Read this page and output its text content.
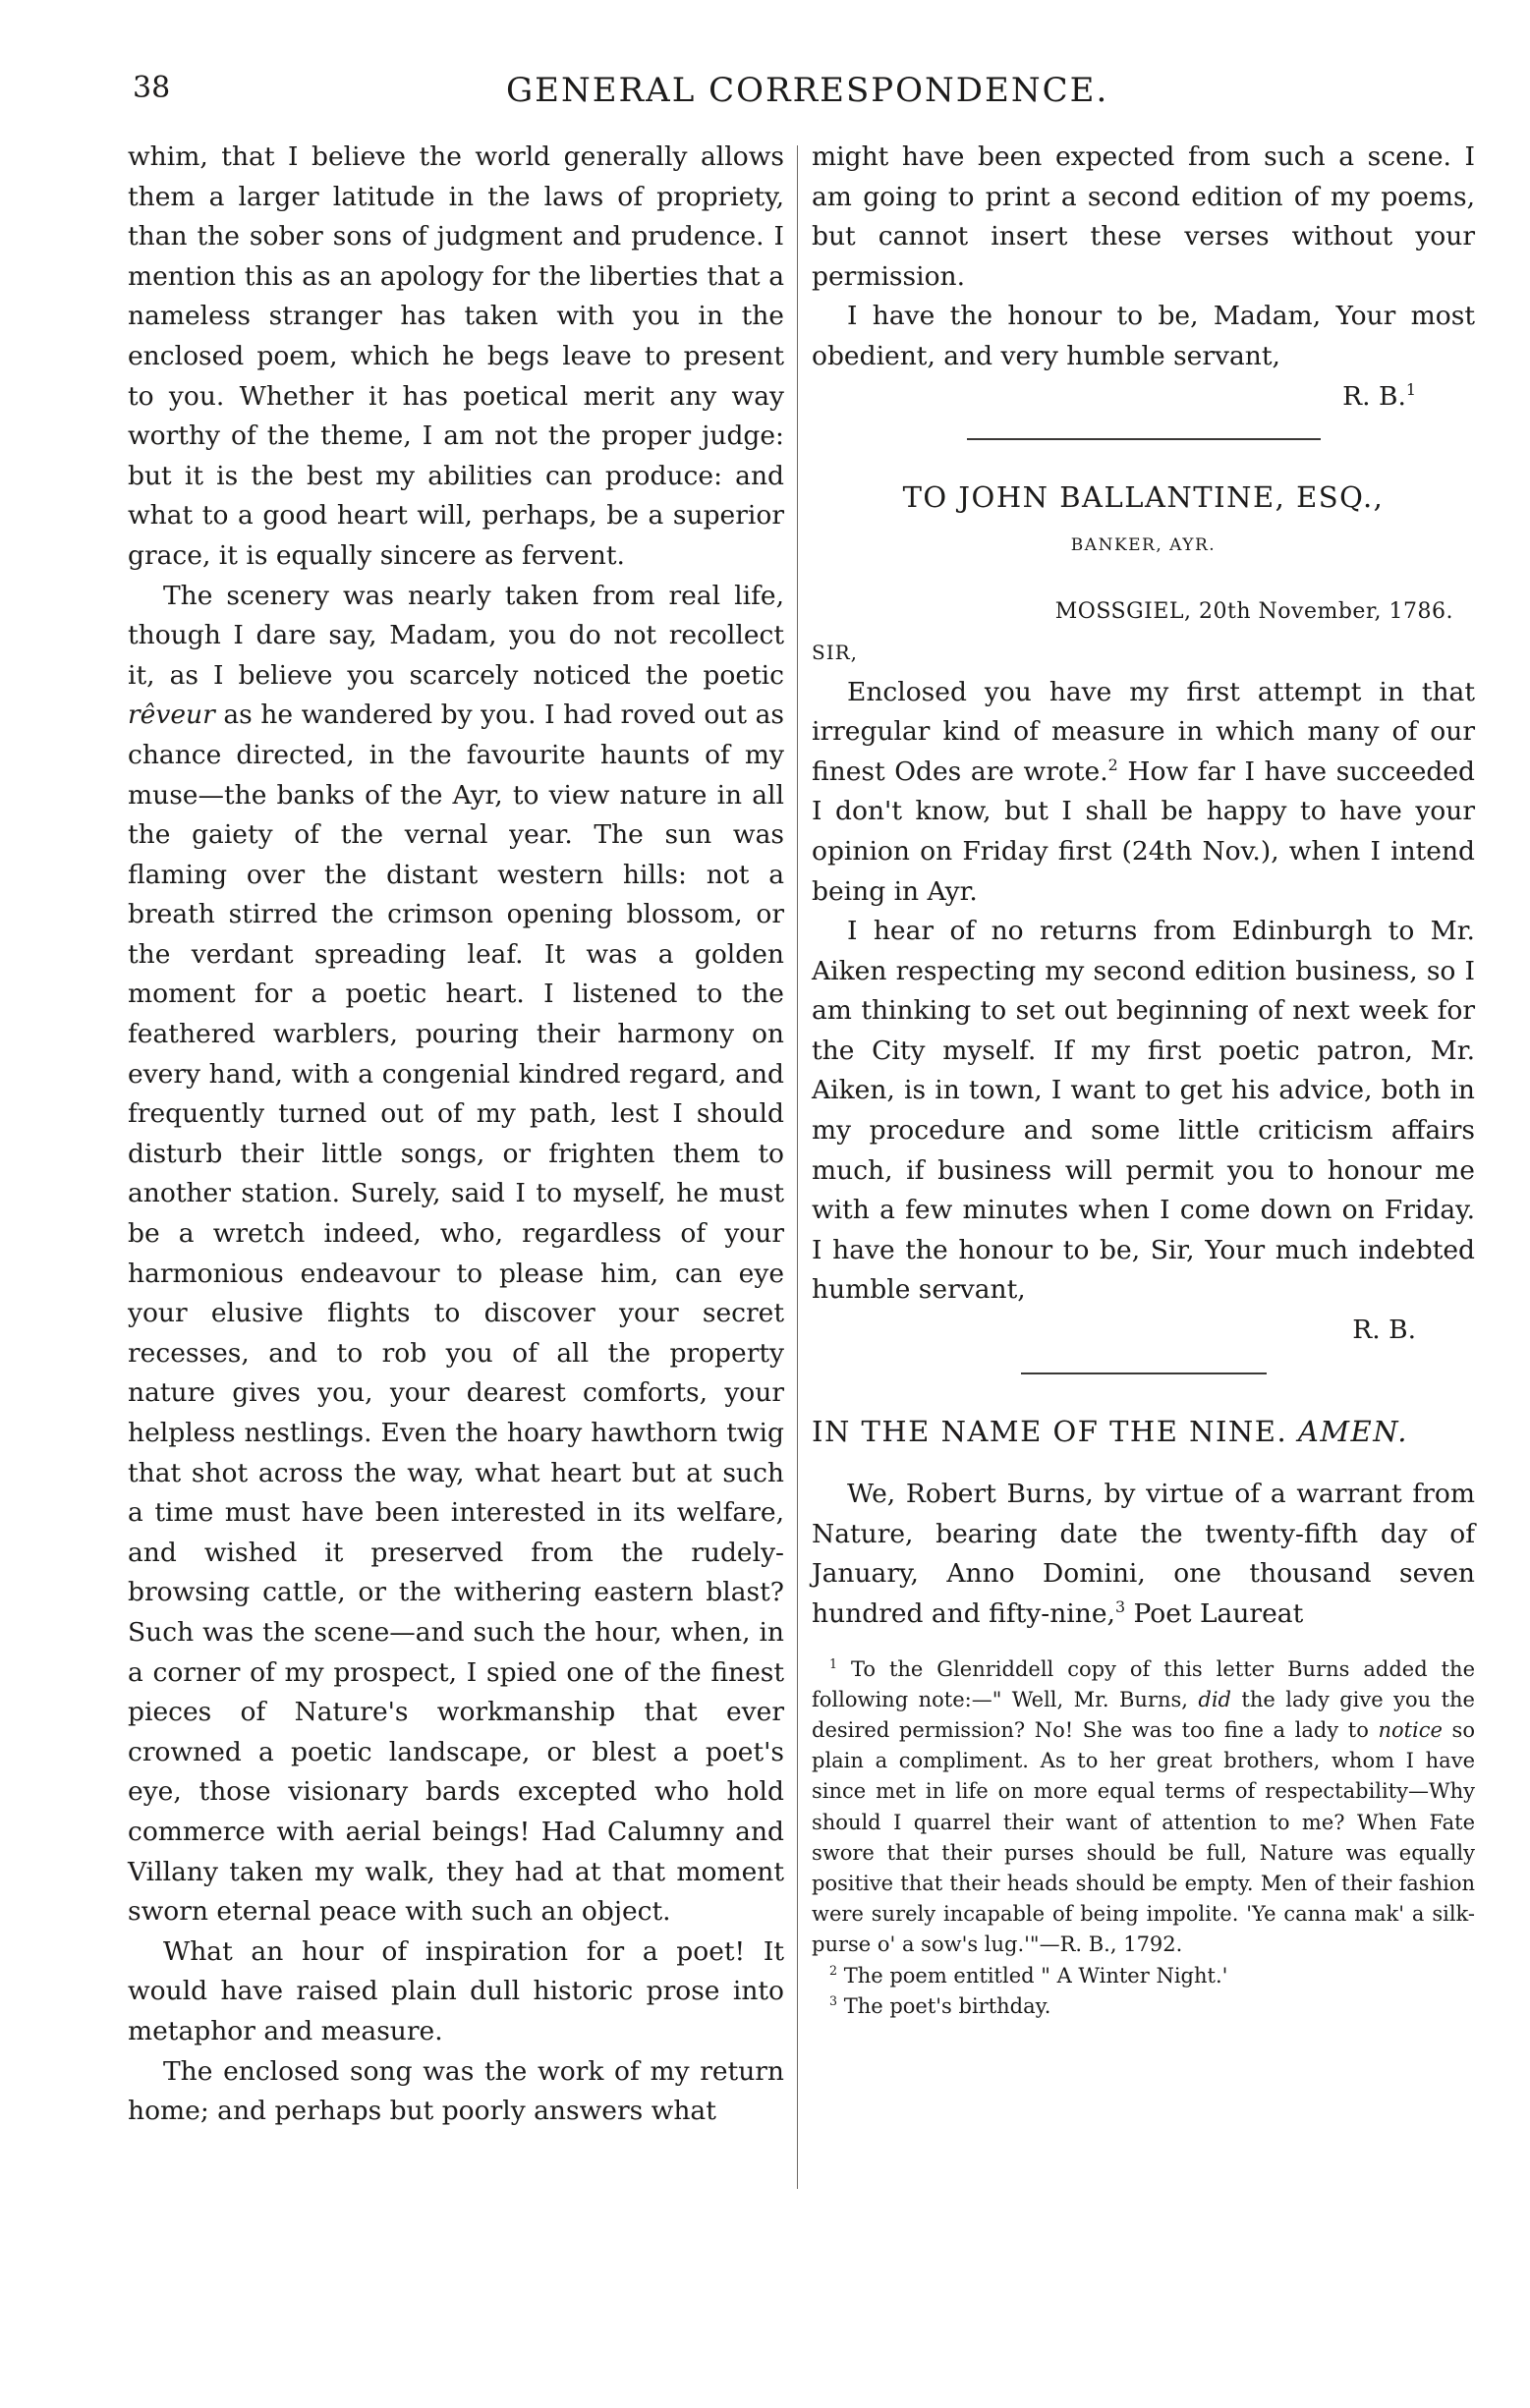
38	GENERAL CORRESPONDENCE.

whim, that I believe the world generally allows them a larger latitude in the laws of propriety, than the sober sons of judgment and prudence. I mention this as an apology for the liberties that a nameless stranger has taken with you in the enclosed poem, which he begs leave to present to you. Whether it has poetical merit any way worthy of the theme, I am not the proper judge: but it is the best my abilities can produce: and what to a good heart will, perhaps, be a superior grace, it is equally sincere as fervent.

The scenery was nearly taken from real life, though I dare say, Madam, you do not recollect it, as I believe you scarcely noticed the poetic rêveur as he wandered by you. I had roved out as chance directed, in the favourite haunts of my muse—the banks of the Ayr, to view nature in all the gaiety of the vernal year. The sun was flaming over the distant western hills: not a breath stirred the crimson opening blossom, or the verdant spreading leaf. It was a golden moment for a poetic heart. I listened to the feathered warblers, pouring their harmony on every hand, with a congenial kindred regard, and frequently turned out of my path, lest I should disturb their little songs, or frighten them to another station. Surely, said I to myself, he must be a wretch indeed, who, regardless of your harmonious endeavour to please him, can eye your elusive flights to discover your secret recesses, and to rob you of all the property nature gives you, your dearest comforts, your helpless nestlings. Even the hoary hawthorn twig that shot across the way, what heart but at such a time must have been interested in its welfare, and wished it preserved from the rudely-browsing cattle, or the withering eastern blast? Such was the scene—and such the hour, when, in a corner of my prospect, I spied one of the finest pieces of Nature's workmanship that ever crowned a poetic landscape, or blest a poet's eye, those visionary bards excepted who hold commerce with aerial beings! Had Calumny and Villany taken my walk, they had at that moment sworn eternal peace with such an object.

What an hour of inspiration for a poet! It would have raised plain dull historic prose into metaphor and measure.

The enclosed song was the work of my return home; and perhaps but poorly answers what

might have been expected from such a scene. I am going to print a second edition of my poems, but cannot insert these verses without your permission.

I have the honour to be, Madam, Your most obedient, and very humble servant,

R. B.$^1$

TO JOHN BALLANTINE, ESQ.,

BANKER, AYR.

MOSSGIEL, 20th November, 1786.

SIR,

Enclosed you have my first attempt in that irregular kind of measure in which many of our finest Odes are wrote.$^2$ How far I have succeeded I don't know, but I shall be happy to have your opinion on Friday first (24th Nov.), when I intend being in Ayr.

I hear of no returns from Edinburgh to Mr. Aiken respecting my second edition business, so I am thinking to set out beginning of next week for the City myself. If my first poetic patron, Mr. Aiken, is in town, I want to get his advice, both in my procedure and some little criticism affairs much, if business will permit you to honour me with a few minutes when I come down on Friday. I have the honour to be, Sir, Your much indebted humble servant,

R. B.

IN THE NAME OF THE NINE. AMEN.

We, Robert Burns, by virtue of a warrant from Nature, bearing date the twenty-fifth day of January, Anno Domini, one thousand seven hundred and fifty-nine,$^3$ Poet Laureat

$^1$ To the Glenriddell copy of this letter Burns added the following note:—" Well, Mr. Burns, did the lady give you the desired permission? No! She was too fine a lady to notice so plain a compliment. As to her great brothers, whom I have since met in life on more equal terms of respectability—Why should I quarrel their want of attention to me? When Fate swore that their purses should be full, Nature was equally positive that their heads should be empty. Men of their fashion were surely incapable of being impolite. 'Ye canna mak' a silk-purse o' a sow's lug.'"—R. B., 1792.

$^2$ The poem entitled " A Winter Night.'

$^3$ The poet's birthday.
